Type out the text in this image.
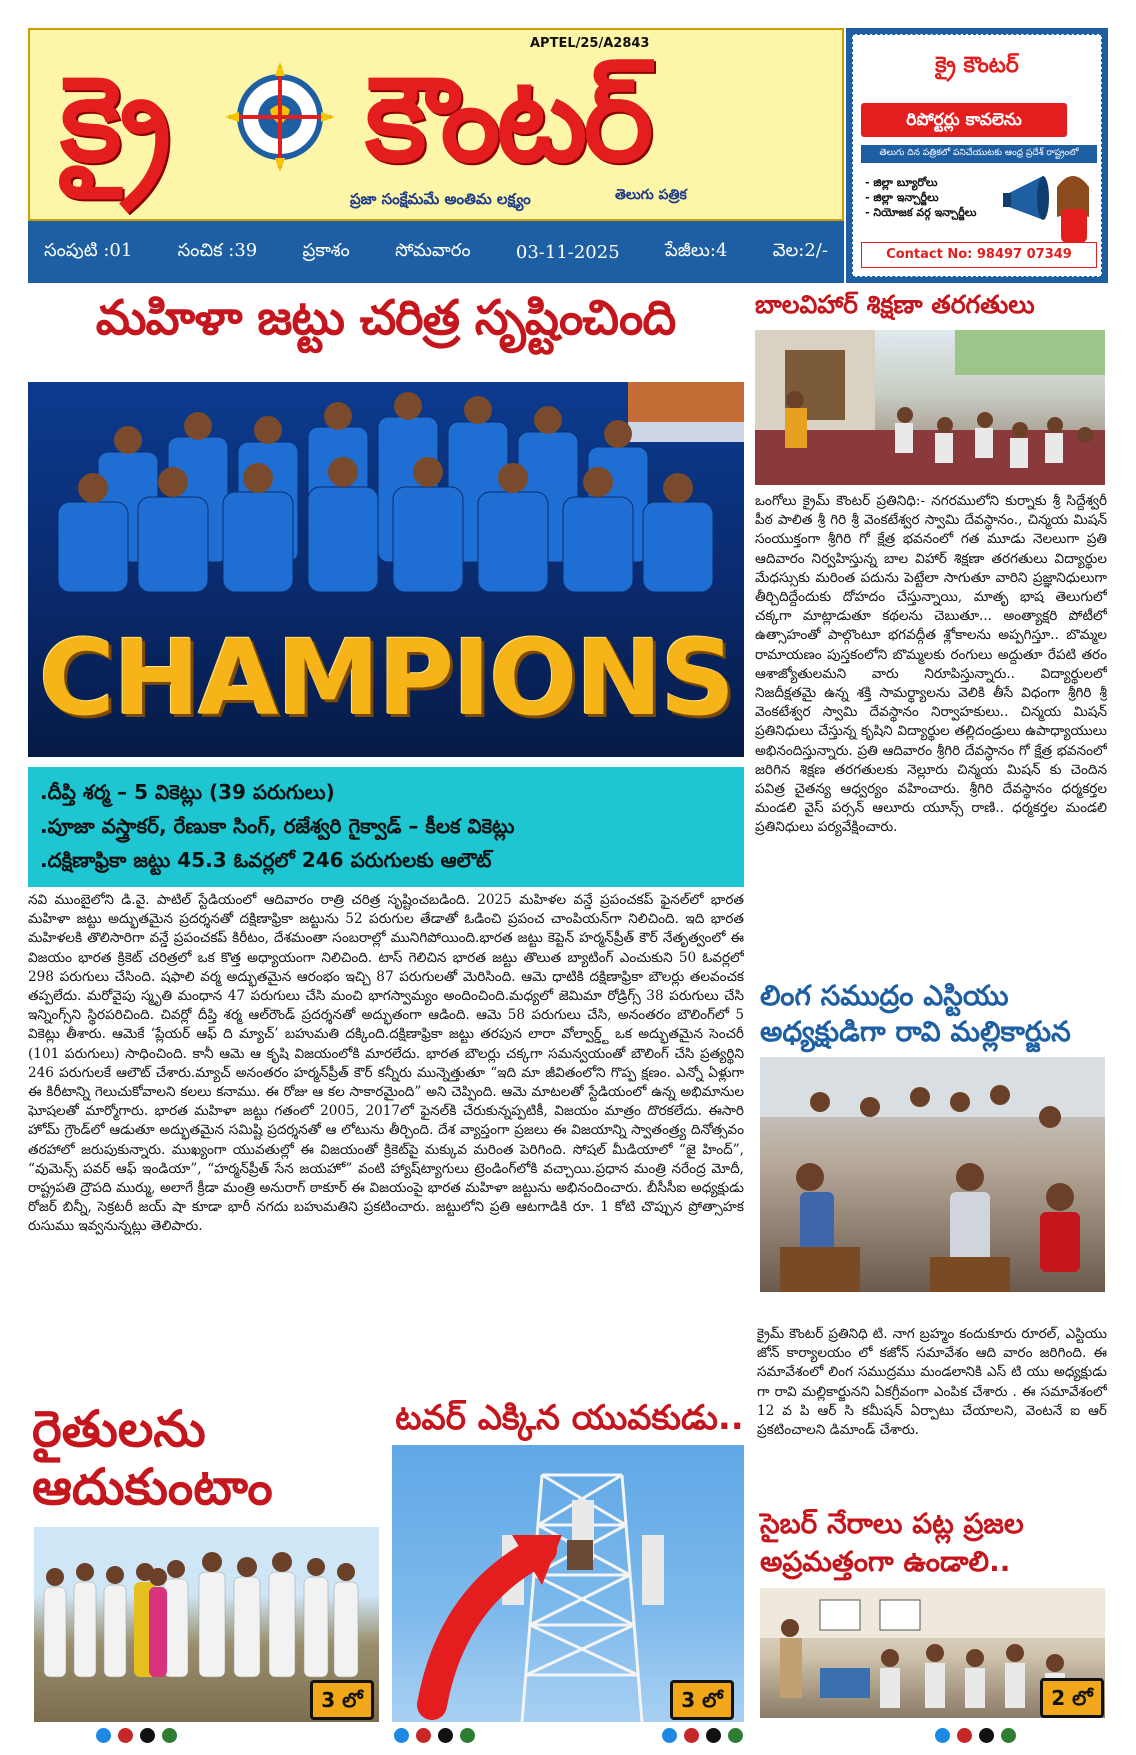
APTEL/25/A2843
క్రై కౌంటర్
ప్రజా సంక్షేమమే అంతిమ లక్ష్యం	తెలుగు పత్రిక
సంపుటి :01	సంచిక :39	ప్రకాశం	సోమవారం	03-11-2025	పేజీలు:4	వెల:2/-
క్రై కౌంటర్
రిపోర్టర్లు కావలెను
తెలుగు దిన పత్రికలో పనిచేయుటకు ఆంధ్ర ప్రదేశ్ రాష్ట్రంలో
- జిల్లా బ్యూరోలు
- జిల్లా ఇన్చార్జీలు
- నియోజక వర్గ ఇన్చార్జీలు
Contact No: 98497 07349
మహిళా జట్టు చరిత్ర సృష్టించింది
CHAMPIONS
.దీప్తి శర్మ – 5 వికెట్లు (39 పరుగులు)
.పూజా వస్త్రాకర్, రేణుకా సింగ్, రజేశ్వరి గైక్వాడ్ – కీలక వికెట్లు
.దక్షిణాఫ్రికా జట్టు 45.3 ఓవర్లలో 246 పరుగులకు ఆలౌట్
నవి ముంబైలోని డి.వై. పాటిల్ స్టేడియంలో ఆదివారం రాత్రి చరిత్ర సృష్టించబడింది. 2025 మహిళల వన్డే ప్రపంచకప్ ఫైనల్‌లో భారత మహిళా జట్టు అద్భుతమైన ప్రదర్శనతో దక్షిణాఫ్రికా జట్టును 52 పరుగుల తేడాతో ఓడించి ప్రపంచ చాంపియన్‌గా నిలిచింది. ఇది భారత మహిళలకి తొలిసారిగా వన్డే ప్రపంచకప్ కిరీటం, దేశమంతా సంబరాల్లో మునిగిపోయింది.భారత జట్టు కెప్టెన్ హర్మన్‌ప్రీత్ కౌర్ నేతృత్వంలో ఈ విజయం భారత క్రికెట్ చరిత్రలో ఒక కొత్త అధ్యాయంగా నిలిచింది. టాస్ గెలిచిన భారత జట్టు తొలుత బ్యాటింగ్ ఎంచుకుని 50 ఓవర్లలో 298 పరుగులు చేసింది. షఫాలి వర్మ అద్భుతమైన ఆరంభం ఇచ్చి 87 పరుగులతో మెరిసింది. ఆమె ధాటికి దక్షిణాఫ్రికా బౌలర్లు తలవంచక తప్పలేదు. మరోవైపు స్మృతి మంధాన 47 పరుగులు చేసి మంచి భాగస్వామ్యం అందించింది.మధ్యలో జెమిమా రోడ్రిగ్స్ 38 పరుగులు చేసి ఇన్నింగ్స్‌ని స్థిరపరిచింది. చివర్లో దీప్తి శర్మ ఆల్‌రౌండ్ ప్రదర్శనతో అద్భుతంగా ఆడింది. ఆమె 58 పరుగులు చేసి, అనంతరం బౌలింగ్‌లో 5 వికెట్లు తీశారు. ఆమెకే ‘ప్లేయర్ ఆఫ్ ది మ్యాచ్’ బహుమతి దక్కింది.దక్షిణాఫ్రికా జట్టు తరపున లారా వోల్వార్డ్ట్ ఒక అద్భుతమైన సెంచరీ (101 పరుగులు) సాధించింది. కానీ ఆమె ఆ కృషి విజయంలోకి మారలేదు. భారత బౌలర్లు చక్కగా సమన్వయంతో బౌలింగ్ చేసి ప్రత్యర్థిని 246 పరుగులకే ఆలౌట్ చేశారు.మ్యాచ్ అనంతరం హర్మన్‌ప్రీత్ కౌర్ కన్నీరు మున్నెత్తుతూ “ఇది మా జీవితంలోని గొప్ప క్షణం. ఎన్నో ఏళ్లుగా ఈ కిరీటాన్ని గెలుచుకోవాలని కలలు కనాము. ఈ రోజు ఆ కల సాకారమైంది” అని చెప్పింది. ఆమె మాటలతో స్టేడియంలో ఉన్న అభిమానుల ఘోషలతో మార్మోగారు. భారత మహిళా జట్టు గతంలో 2005, 2017లో ఫైనల్‌కి చేరుకున్నప్పటికీ, విజయం మాత్రం దొరకలేదు. ఈసారి హోమ్ గ్రౌండ్‌లో ఆడుతూ అద్భుతమైన సమిష్టి ప్రదర్శనతో ఆ లోటును తీర్చింది. దేశ వ్యాప్తంగా ప్రజలు ఈ విజయాన్ని స్వాతంత్ర్య దినోత్సవం తరహాలో జరుపుకున్నారు. ముఖ్యంగా యువతుల్లో ఈ విజయంతో క్రికెట్‌పై మక్కువ మరింత పెరిగింది. సోషల్ మీడియాలో “జై హింద్”, “వుమెన్స్ పవర్ ఆఫ్ ఇండియా”, “హర్మన్‌ప్రీత్ సేన జయహో” వంటి హ్యాష్‌ట్యాగులు ట్రెండింగ్‌లోకి వచ్చాయి.ప్రధాన మంత్రి నరేంద్ర మోదీ, రాష్ట్రపతి ద్రౌపది ముర్ము, అలాగే క్రీడా మంత్రి అనురాగ్ ఠాకూర్ ఈ విజయంపై భారత మహిళా జట్టును అభినందించారు. బీసీసీఐ అధ్యక్షుడు రోజర్ బిన్నీ, సెక్రటరీ జయ్ షా కూడా భారీ నగదు బహుమతిని ప్రకటించారు. జట్టులోని ప్రతి ఆటగాడికి రూ. 1 కోటి చొప్పున ప్రోత్సాహక రుసుము ఇవ్వనున్నట్లు తెలిపారు.
రైతులను ఆదుకుంటాం
3 లో
టవర్ ఎక్కిన యువకుడు..
3 లో
బాలవిహార్ శిక్షణా తరగతులు
ఒంగోలు క్రైమ్ కౌంటర్ ప్రతినిధి:- నగరములోని కుర్నాకు శ్రీ సిద్దేశ్వరీ పీఠ పాలిత శ్రీ గిరి శ్రీ వెంకటేశ్వర స్వామి దేవస్థానం., చిన్మయ మిషన్ సంయుక్తంగా శ్రీగిరి గో క్షేత్ర భవనంలో గత మూడు నెలలుగా ప్రతి ఆదివారం నిర్వహిస్తున్న బాల విహార్ శిక్షణా తరగతులు విద్యార్థుల మేధస్సుకు మరింత పదును పెట్టేలా సాగుతూ వారిని ప్రజ్ఞానిధులుగా తీర్చిదిద్దేందుకు దోహదం చేస్తున్నాయి, మాతృ భాష తెలుగులో చక్కగా మాట్లాడుతూ కథలను చెబుతూ... అంత్యాక్షరి పోటీలో ఉత్సాహంతో పాల్గొంటూ భగవద్గీత శ్లోకాలను అప్పగిస్తూ.. బొమ్మల రామాయణం పుస్తకంలోని బొమ్మలకు రంగులు అద్దుతూ రేపటి తరం ఆశాజ్యోతులమని వారు నిరూపిస్తున్నారు.. విద్యార్థులలో నిజదీక్షతమై ఉన్న శక్తి సామర్థ్యాలను వెలికి తీసే విధంగా శ్రీగిరి శ్రీ వెంకటేశ్వర స్వామి దేవస్థానం నిర్వాహకులు.. చిన్మయ మిషన్ ప్రతినిధులు చేస్తున్న కృషిని విద్యార్థుల తల్లిదండ్రులు ఉపాధ్యాయులు అభినందిస్తున్నారు. ప్రతి ఆదివారం శ్రీగిరి దేవస్థానం గో క్షేత్ర భవనంలో జరిగిన శిక్షణ తరగతులకు నెల్లూరు చిన్మయ మిషన్ కు చెందిన పవిత్ర చైతన్య ఆధ్వర్యం వహించారు. శ్రీగిరి దేవస్థానం ధర్మకర్తల మండలి వైస్ పర్సన్ ఆలూరు యూన్స్ రాణి.. ధర్మకర్తల మండలి ప్రతినిధులు పర్యవేక్షించారు.
లింగ సముద్రం ఎస్టియు అధ్యక్షుడిగా రావి మల్లికార్జున
క్రైమ్ కౌంటర్ ప్రతినిధి టి. నాగ బ్రహ్మం కందుకూరు రూరల్, ఎస్టియు జోన్ కార్యాలయం లో కజోన్ సమావేశం ఆది వారం జరిగింది. ఈ సమావేశంలో లింగ సముద్రము మండలానికి ఎస్ టి యు అధ్యక్షుడు గా రావి మల్లికార్జునని ఏకగ్రీవంగా ఎంపిక చేశారు . ఈ సమావేశంలో 12 వ పి ఆర్ సి కమీషన్ ఏర్పాటు చేయాలని, వెంటనే ఐ ఆర్ ప్రకటించాలని డిమాండ్ చేశారు.
సైబర్ నేరాలు పట్ల ప్రజల అప్రమత్తంగా ఉండాలి..
2 లో
